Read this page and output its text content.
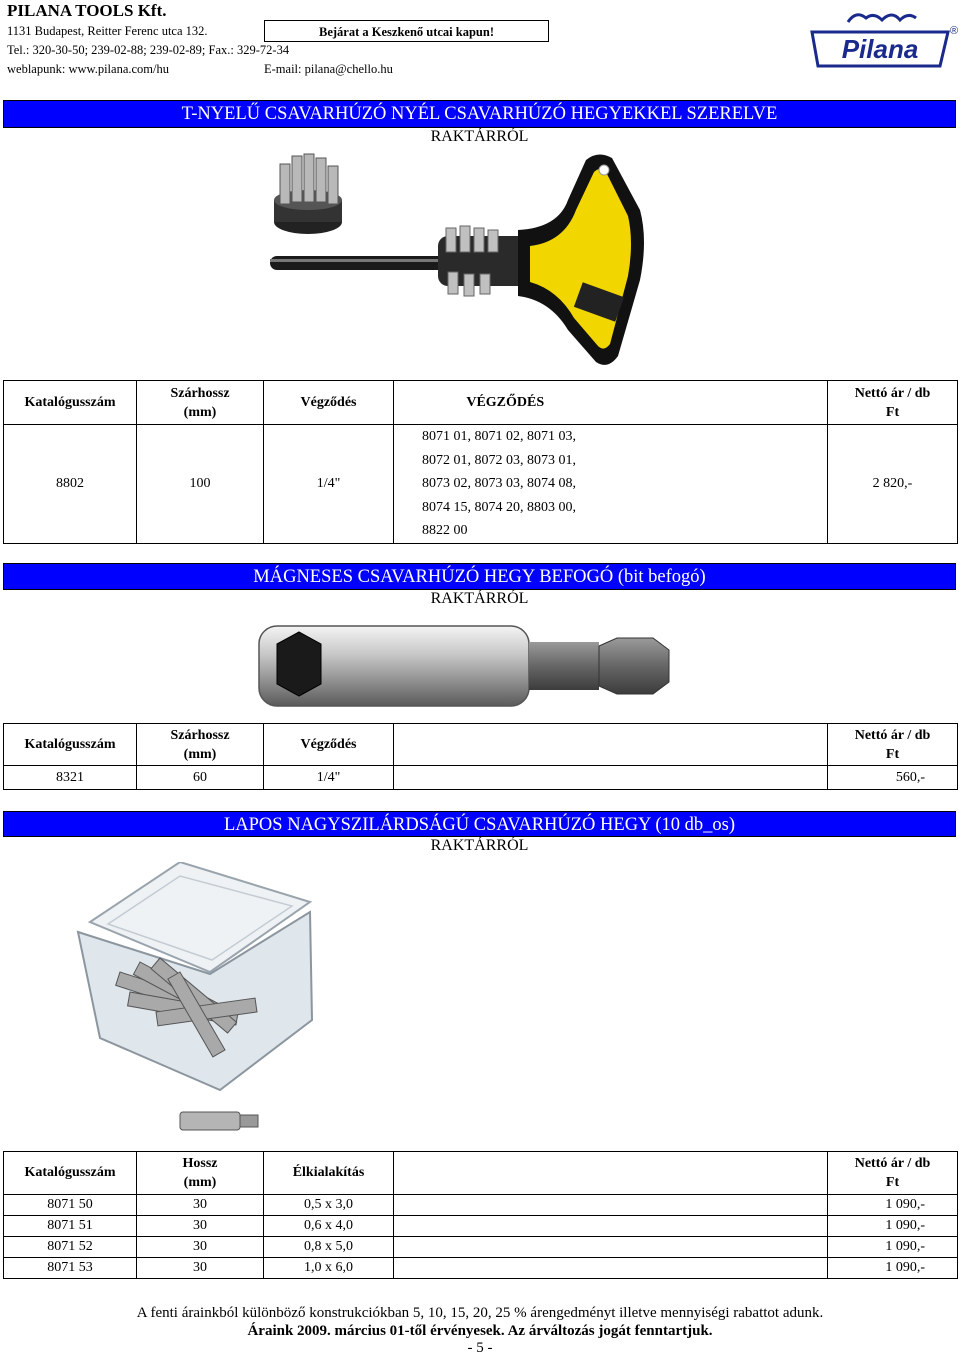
PILANA TOOLS Kft.
1131 Budapest, Reitter Ferenc utca 132.
Tel.: 320-30-50; 239-02-88; 239-02-89; Fax.: 329-72-34
weblapunk: www.pilana.com/hu	E-mail: pilana@chello.hu
Bejárat a Keszkenő utcai kapun!
Pilana
®
T-NYELŰ CSAVARHÚZÓ NYÉL CSAVARHÚZÓ HEGYEKKEL SZERELVE
RAKTÁRRÓL
Katalógusszám	Szárhossz
(mm)	Végződés	VÉGZŐDÉS		Nettó ár / db
Ft
8802	100	1/4"	8071 01, 8071 02, 8071 03,
8072 01, 8072 03, 8073 01,
8073 02, 8073 03, 8074 08,
8074 15, 8074 20, 8803 00,
8822 00		2 820,-
MÁGNESES CSAVARHÚZÓ HEGY BEFOGÓ (bit befogó)
RAKTÁRRÓL
Katalógusszám	Szárhossz
(mm)	Végződés		Nettó ár / db
Ft
8321	60	1/4"		560,-
LAPOS NAGYSZILÁRDSÁGÚ CSAVARHÚZÓ HEGY (10 db_os)
RAKTÁRRÓL
Katalógusszám	Hossz
(mm)	Élkialakítás		Nettó ár / db
Ft
8071 50	30	0,5 x 3,0		1 090,-
8071 51	30	0,6 x 4,0		1 090,-
8071 52	30	0,8 x 5,0		1 090,-
8071 53	30	1,0 x 6,0		1 090,-
A fenti árainkból különböző konstrukciókban 5, 10, 15, 20, 25 % árengedményt illetve mennyiségi rabattot adunk.
Áraink 2009. március 01-től érvényesek. Az árváltozás jogát fenntartjuk.
- 5 -
